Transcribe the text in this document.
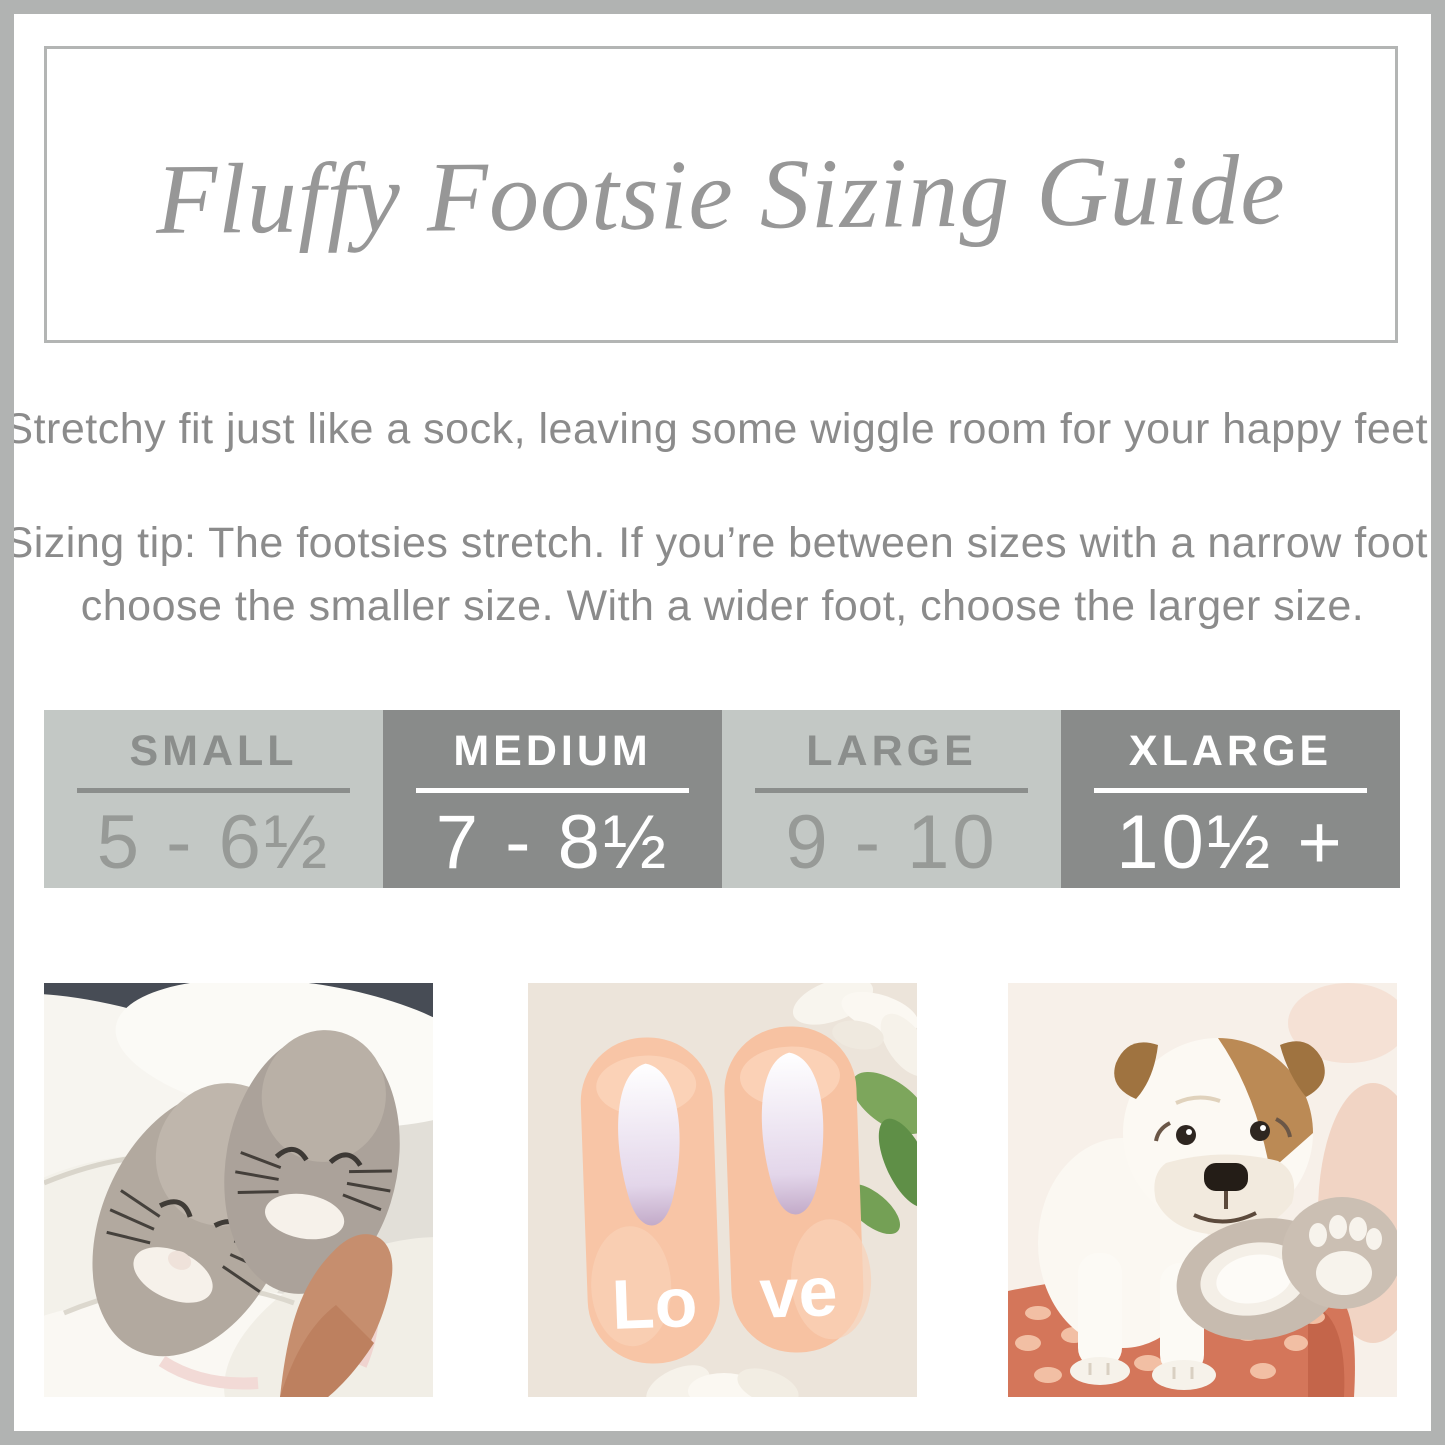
Fluffy Footsie Sizing Guide

Stretchy fit just like a sock, leaving some wiggle room for your happy feet.

Sizing tip: The footsies stretch. If you’re between sizes with a narrow foot,
choose the smaller size. With a wider foot, choose the larger size.

SMALL
5 - 6½
MEDIUM
7 - 8½
LARGE
9 - 10
XLARGE
10½ +
Lo ve
